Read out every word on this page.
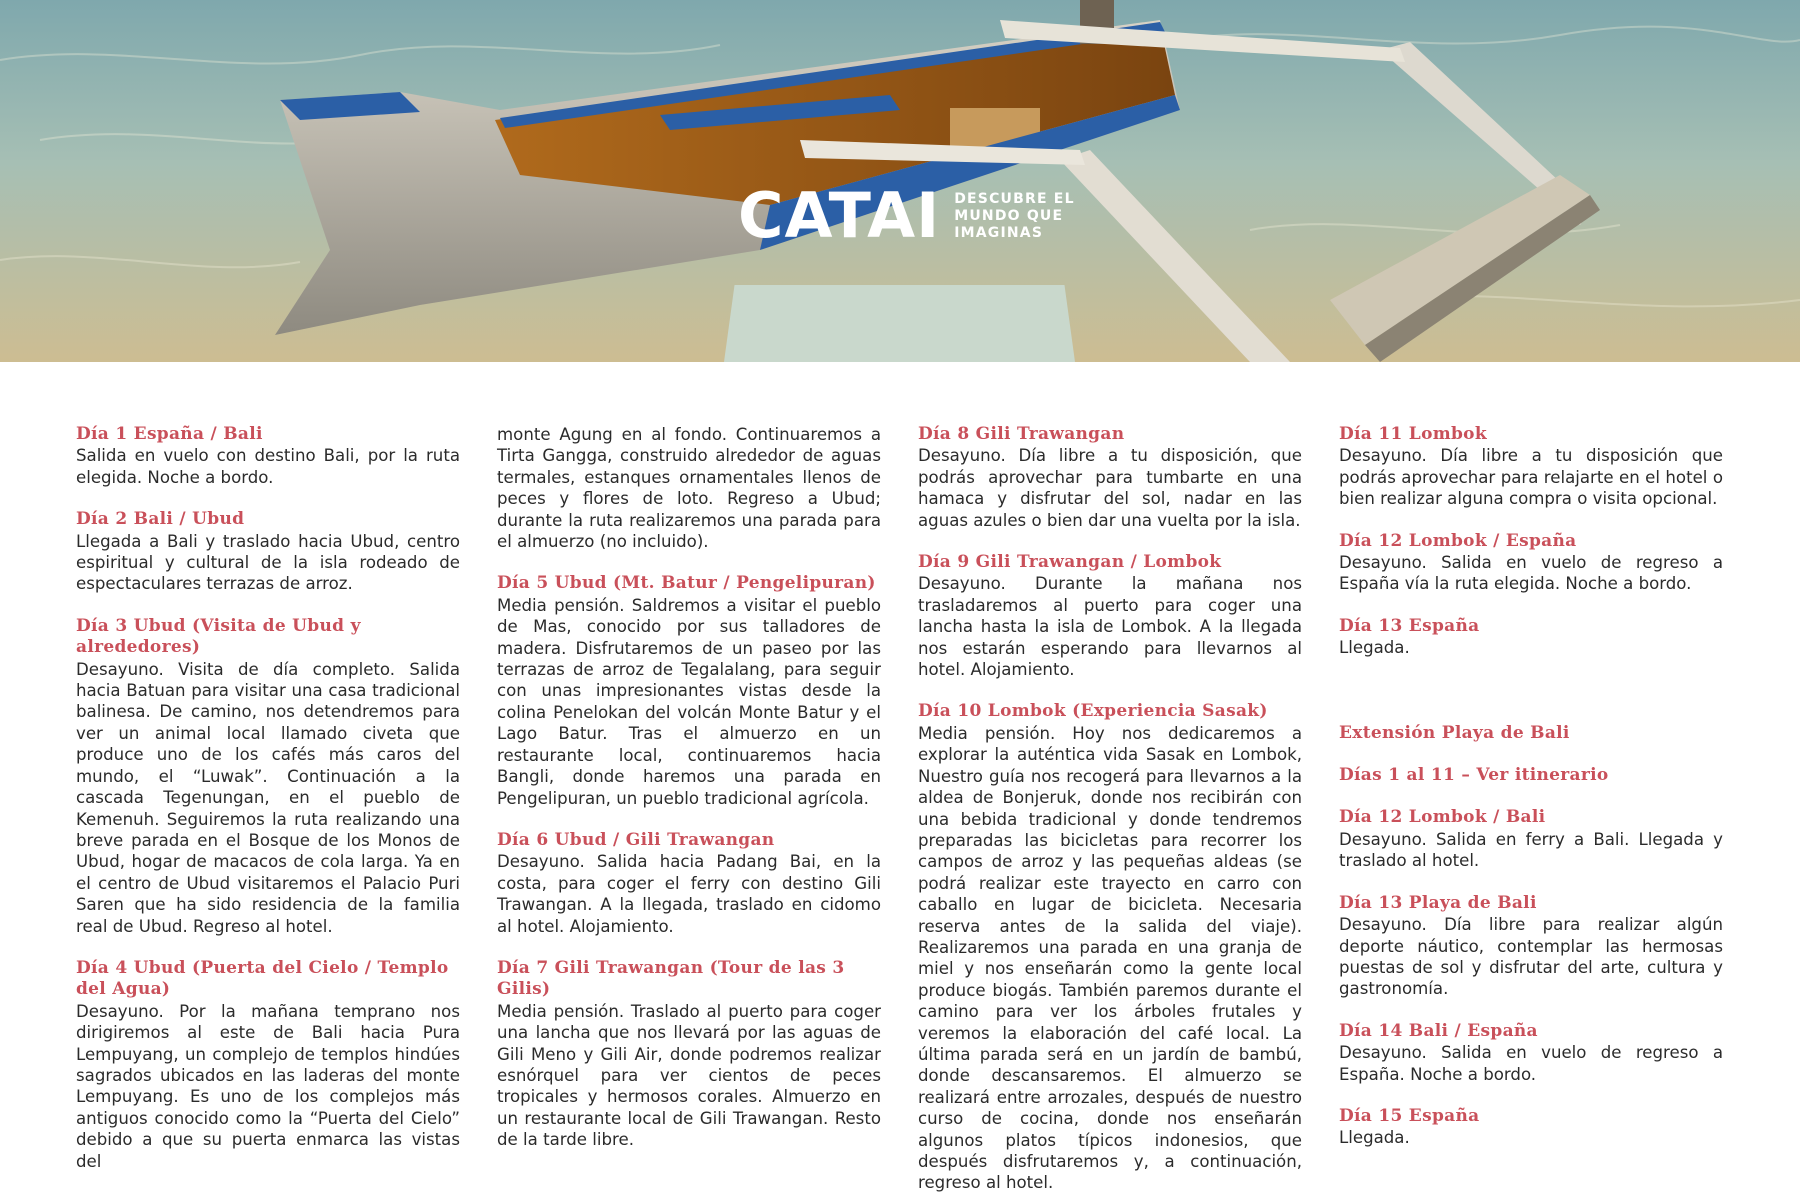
CATAI DESCUBRE EL
MUNDO QUE
IMAGINAS
Día 1 España / Bali

Salida en vuelo con destino Bali, por la ruta elegida. Noche a bordo.

Día 2 Bali / Ubud

Llegada a Bali y traslado hacia Ubud, centro espiritual y cultural de la isla rodeado de espectaculares terrazas de arroz.

Día 3 Ubud (Visita de Ubud y alrededores)

Desayuno. Visita de día completo. Salida hacia Batuan para visitar una casa tradicional balinesa. De camino, nos detendremos para ver un animal local llamado civeta que produce uno de los cafés más caros del mundo, el “Luwak”. Continuación a la cascada Tegenungan, en el pueblo de Kemenuh. Seguiremos la ruta realizando una breve parada en el Bosque de los Monos de Ubud, hogar de macacos de cola larga. Ya en el centro de Ubud visitaremos el Palacio Puri Saren que ha sido residencia de la familia real de Ubud. Regreso al hotel.

Día 4 Ubud (Puerta del Cielo / Templo del Agua)

Desayuno. Por la mañana temprano nos dirigiremos al este de Bali hacia Pura Lempuyang, un complejo de templos hindúes sagrados ubicados en las laderas del monte Lempuyang. Es uno de los complejos más antiguos conocido como la “Puerta del Cielo” debido a que su puerta enmarca las vistas del

monte Agung en al fondo. Continuaremos a Tirta Gangga, construido alrededor de aguas termales, estanques ornamentales llenos de peces y flores de loto. Regreso a Ubud; durante la ruta realizaremos una parada para el almuerzo (no incluido).

Día 5 Ubud (Mt. Batur / Pengelipuran)

Media pensión. Saldremos a visitar el pueblo de Mas, conocido por sus talladores de madera. Disfrutaremos de un paseo por las terrazas de arroz de Tegalalang, para seguir con unas impresionantes vistas desde la colina Penelokan del volcán Monte Batur y el Lago Batur. Tras el almuerzo en un restaurante local, continuaremos hacia Bangli, donde haremos una parada en Pengelipuran, un pueblo tradicional agrícola.

Día 6 Ubud / Gili Trawangan

Desayuno. Salida hacia Padang Bai, en la costa, para coger el ferry con destino Gili Trawangan. A la llegada, traslado en cidomo al hotel. Alojamiento.

Día 7 Gili Trawangan (Tour de las 3 Gilis)

Media pensión. Traslado al puerto para coger una lancha que nos llevará por las aguas de Gili Meno y Gili Air, donde podremos realizar esnórquel para ver cientos de peces tropicales y hermosos corales. Almuerzo en un restaurante local de Gili Trawangan. Resto de la tarde libre.

Día 8 Gili Trawangan

Desayuno. Día libre a tu disposición, que podrás aprovechar para tumbarte en una hamaca y disfrutar del sol, nadar en las aguas azules o bien dar una vuelta por la isla.

Día 9 Gili Trawangan / Lombok

Desayuno. Durante la mañana nos trasladaremos al puerto para coger una lancha hasta la isla de Lombok. A la llegada nos estarán esperando para llevarnos al hotel. Alojamiento.

Día 10 Lombok (Experiencia Sasak)

Media pensión. Hoy nos dedicaremos a explorar la auténtica vida Sasak en Lombok, Nuestro guía nos recogerá para llevarnos a la aldea de Bonjeruk, donde nos recibirán con una bebida tradicional y donde tendremos preparadas las bicicletas para recorrer los campos de arroz y las pequeñas aldeas (se podrá realizar este trayecto en carro con caballo en lugar de bicicleta. Necesaria reserva antes de la salida del viaje). Realizaremos una parada en una granja de miel y nos enseñarán como la gente local produce biogás. También paremos durante el camino para ver los árboles frutales y veremos la elaboración del café local. La última parada será en un jardín de bambú, donde descansaremos. El almuerzo se realizará entre arrozales, después de nuestro curso de cocina, donde nos enseñarán algunos platos típicos indonesios, que después disfrutaremos y, a continuación, regreso al hotel.

Día 11 Lombok

Desayuno. Día libre a tu disposición que podrás aprovechar para relajarte en el hotel o bien realizar alguna compra o visita opcional.

Día 12 Lombok / España

Desayuno. Salida en vuelo de regreso a España vía la ruta elegida. Noche a bordo.

Día 13 España

Llegada.

Extensión Playa de Bali
Días 1 al 11 – Ver itinerario
Día 12 Lombok / Bali

Desayuno. Salida en ferry a Bali. Llegada y traslado al hotel.

Día 13 Playa de Bali

Desayuno. Día libre para realizar algún deporte náutico, contemplar las hermosas puestas de sol y disfrutar del arte, cultura y gastronomía.

Día 14 Bali / España

Desayuno. Salida en vuelo de regreso a España. Noche a bordo.

Día 15 España

Llegada.
